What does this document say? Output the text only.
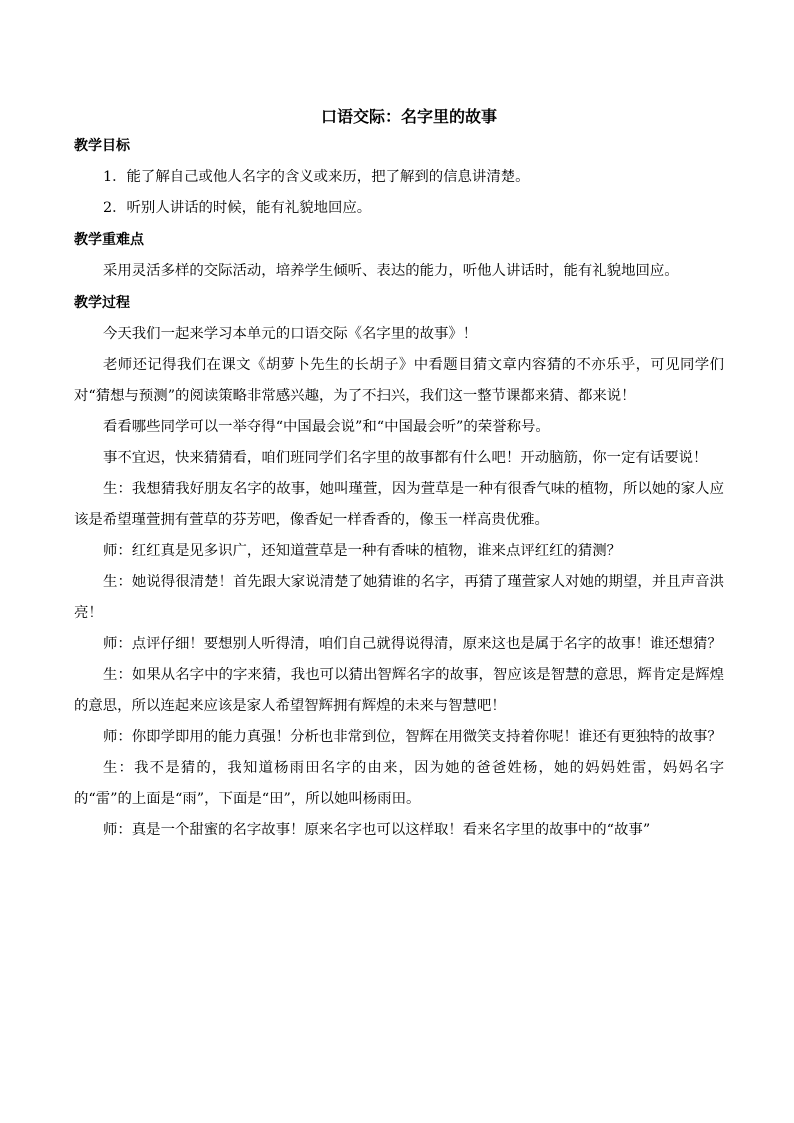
口语交际：名字里的故事
教学目标

1．能了解自己或他人名字的含义或来历，把了解到的信息讲清楚。

2．听别人讲话的时候，能有礼貌地回应。

教学重难点

采用灵活多样的交际活动，培养学生倾听、表达的能力，听他人讲话时，能有礼貌地回应。

教学过程

今天我们一起来学习本单元的口语交际《名字里的故事》！

老师还记得我们在课文《胡萝卜先生的长胡子》中看题目猜文章内容猜的不亦乐乎，可见同学们对“猜想与预测”的阅读策略非常感兴趣，为了不扫兴，我们这一整节课都来猜、都来说！

看看哪些同学可以一举夺得“中国最会说”和“中国最会听”的荣誉称号。

事不宜迟，快来猜猜看，咱们班同学们名字里的故事都有什么吧！开动脑筋，你一定有话要说！

生：我想猜我好朋友名字的故事，她叫瑾萱，因为萱草是一种有很香气味的植物，所以她的家人应该是希望瑾萱拥有萱草的芬芳吧，像香妃一样香香的，像玉一样高贵优雅。

师：红红真是见多识广，还知道萱草是一种有香味的植物，谁来点评红红的猜测？

生：她说得很清楚！首先跟大家说清楚了她猜谁的名字，再猜了瑾萱家人对她的期望，并且声音洪亮！

师：点评仔细！要想别人听得清，咱们自己就得说得清，原来这也是属于名字的故事！谁还想猜？

生：如果从名字中的字来猜，我也可以猜出智辉名字的故事，智应该是智慧的意思，辉肯定是辉煌的意思，所以连起来应该是家人希望智辉拥有辉煌的未来与智慧吧！

师：你即学即用的能力真强！分析也非常到位，智辉在用微笑支持着你呢！谁还有更独特的故事？

生：我不是猜的，我知道杨雨田名字的由来，因为她的爸爸姓杨，她的妈妈姓雷，妈妈名字的“雷”的上面是“雨”，下面是“田”，所以她叫杨雨田。

师：真是一个甜蜜的名字故事！原来名字也可以这样取！看来名字里的故事中的“故事”
